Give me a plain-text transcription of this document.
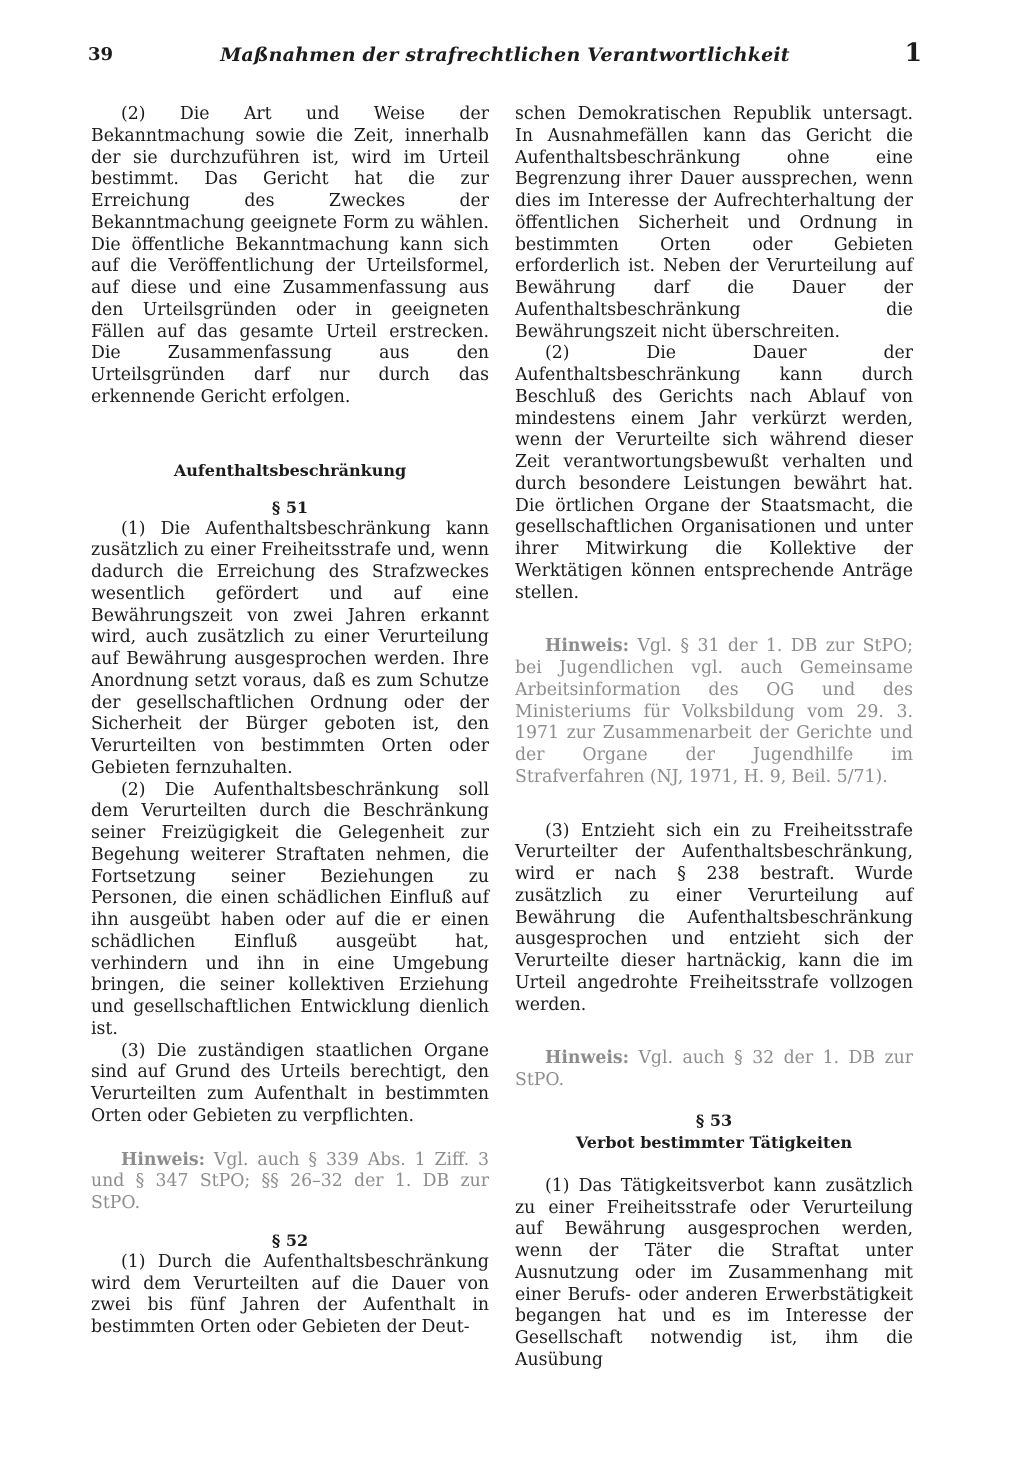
39	Maßnahmen der strafrechtlichen Verantwortlichkeit	1

(2) Die Art und Weise der Bekanntmachung sowie die Zeit, innerhalb der sie durchzuführen ist, wird im Urteil bestimmt. Das Gericht hat die zur Erreichung des Zweckes der Bekanntmachung geeignete Form zu wählen. Die öffentliche Bekanntmachung kann sich auf die Veröffentlichung der Urteilsformel, auf diese und eine Zusammenfassung aus den Urteilsgründen oder in geeigneten Fällen auf das gesamte Urteil erstrecken. Die Zusammenfassung aus den Urteilsgründen darf nur durch das erkennende Gericht erfolgen.

Aufenthaltsbeschränkung
§ 51

(1) Die Aufenthaltsbeschränkung kann zusätzlich zu einer Freiheitsstrafe und, wenn dadurch die Erreichung des Strafzweckes wesentlich gefördert und auf eine Bewährungszeit von zwei Jahren erkannt wird, auch zusätzlich zu einer Verurteilung auf Bewährung ausgesprochen werden. Ihre Anordnung setzt voraus, daß es zum Schutze der gesellschaftlichen Ordnung oder der Sicherheit der Bürger geboten ist, den Verurteilten von bestimmten Orten oder Gebieten fernzuhalten.

(2) Die Aufenthaltsbeschränkung soll dem Verurteilten durch die Beschränkung seiner Freizügigkeit die Gelegenheit zur Begehung weiterer Straftaten nehmen, die Fortsetzung seiner Beziehungen zu Personen, die einen schädlichen Einfluß auf ihn ausgeübt haben oder auf die er einen schädlichen Einfluß ausgeübt hat, verhindern und ihn in eine Umgebung bringen, die seiner kollektiven Erziehung und gesellschaftlichen Entwicklung dienlich ist.

(3) Die zuständigen staatlichen Organe sind auf Grund des Urteils berechtigt, den Verurteilten zum Aufenthalt in bestimmten Orten oder Gebieten zu verpflichten.

Hinweis: Vgl. auch § 339 Abs. 1 Ziff. 3 und § 347 StPO; §§ 26–32 der 1. DB zur StPO.

§ 52

(1) Durch die Aufenthaltsbeschränkung wird dem Verurteilten auf die Dauer von zwei bis fünf Jahren der Aufenthalt in bestimmten Orten oder Gebieten der Deut-

schen Demokratischen Republik untersagt. In Ausnahmefällen kann das Gericht die Aufenthaltsbeschränkung ohne eine Begrenzung ihrer Dauer aussprechen, wenn dies im Interesse der Aufrechterhaltung der öffentlichen Sicherheit und Ordnung in bestimmten Orten oder Gebieten erforderlich ist. Neben der Verurteilung auf Bewährung darf die Dauer der Aufenthaltsbeschränkung die Bewährungszeit nicht überschreiten.

(2) Die Dauer der Aufenthaltsbeschränkung kann durch Beschluß des Gerichts nach Ablauf von mindestens einem Jahr verkürzt werden, wenn der Verurteilte sich während dieser Zeit verantwortungsbewußt verhalten und durch besondere Leistungen bewährt hat. Die örtlichen Organe der Staatsmacht, die gesellschaftlichen Organisationen und unter ihrer Mitwirkung die Kollektive der Werktätigen können entsprechende Anträge stellen.

Hinweis: Vgl. § 31 der 1. DB zur StPO; bei Jugendlichen vgl. auch Gemeinsame Arbeitsinformation des OG und des Ministeriums für Volksbildung vom 29. 3. 1971 zur Zusammenarbeit der Gerichte und der Organe der Jugendhilfe im Strafverfahren (NJ, 1971, H. 9, Beil. 5/71).

(3) Entzieht sich ein zu Freiheitsstrafe Verurteilter der Aufenthaltsbeschränkung, wird er nach § 238 bestraft. Wurde zusätzlich zu einer Verurteilung auf Bewährung die Aufenthaltsbeschränkung ausgesprochen und entzieht sich der Verurteilte dieser hartnäckig, kann die im Urteil angedrohte Freiheitsstrafe vollzogen werden.

Hinweis: Vgl. auch § 32 der 1. DB zur StPO.

§ 53
Verbot bestimmter Tätigkeiten

(1) Das Tätigkeitsverbot kann zusätzlich zu einer Freiheitsstrafe oder Verurteilung auf Bewährung ausgesprochen werden, wenn der Täter die Straftat unter Ausnutzung oder im Zusammenhang mit einer Berufs- oder anderen Erwerbstätigkeit begangen hat und es im Interesse der Gesellschaft notwendig ist, ihm die Ausübung
